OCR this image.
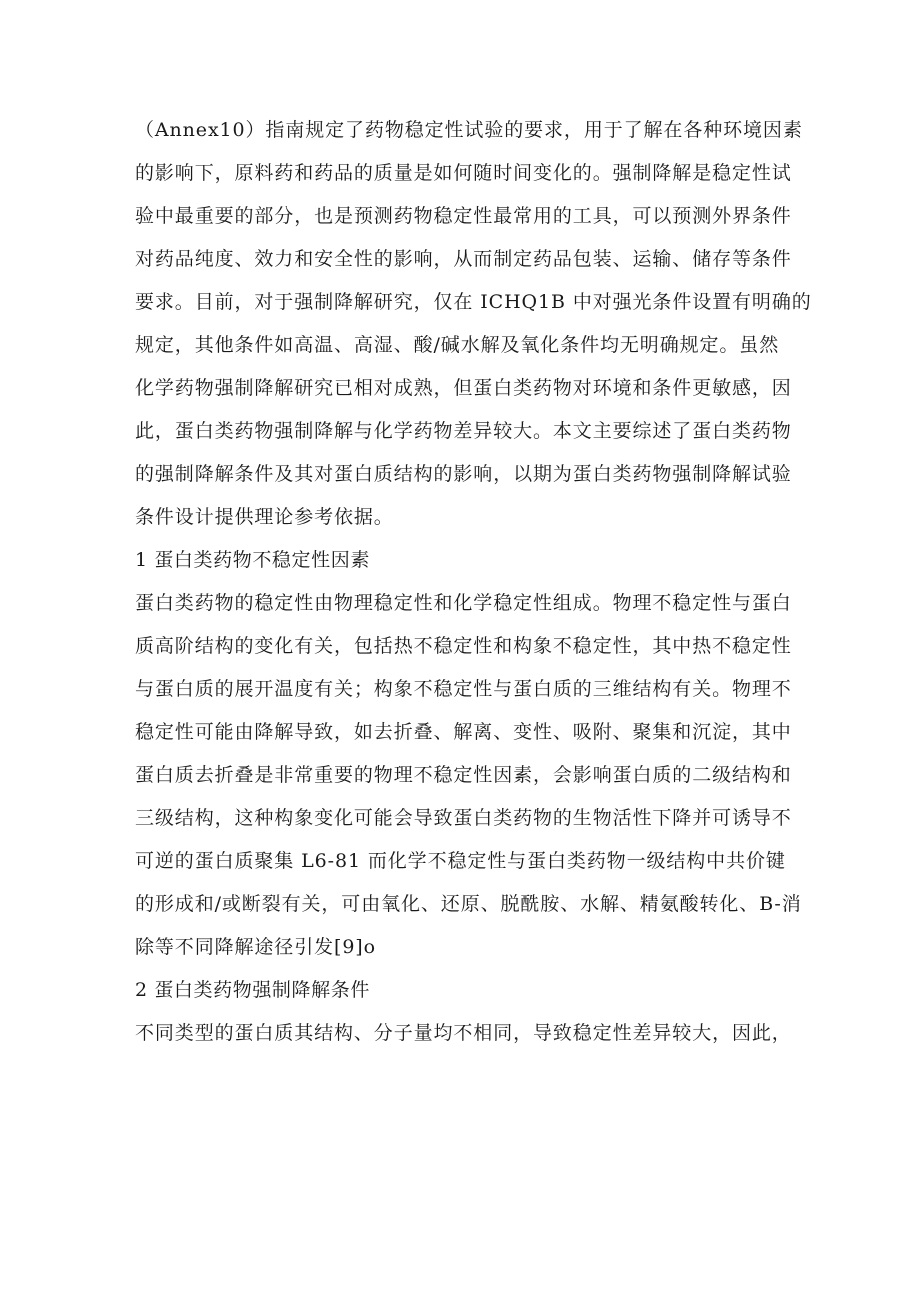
（Annex10）指南规定了药物稳定性试验的要求，用于了解在各种环境因素
的影响下，原料药和药品的质量是如何随时间变化的。强制降解是稳定性试
验中最重要的部分，也是预测药物稳定性最常用的工具，可以预测外界条件
对药品纯度、效力和安全性的影响，从而制定药品包装、运输、储存等条件
要求。目前，对于强制降解研究，仅在 ICHQ1B 中对强光条件设置有明确的
规定，其他条件如高温、高湿、酸/碱水解及氧化条件均无明确规定。虽然
化学药物强制降解研究已相对成熟，但蛋白类药物对环境和条件更敏感，因
此，蛋白类药物强制降解与化学药物差异较大。本文主要综述了蛋白类药物
的强制降解条件及其对蛋白质结构的影响，以期为蛋白类药物强制降解试验
条件设计提供理论参考依据。
1 蛋白类药物不稳定性因素
蛋白类药物的稳定性由物理稳定性和化学稳定性组成。物理不稳定性与蛋白
质高阶结构的变化有关，包括热不稳定性和构象不稳定性，其中热不稳定性
与蛋白质的展开温度有关；构象不稳定性与蛋白质的三维结构有关。物理不
稳定性可能由降解导致，如去折叠、解离、变性、吸附、聚集和沉淀，其中
蛋白质去折叠是非常重要的物理不稳定性因素，会影响蛋白质的二级结构和
三级结构，这种构象变化可能会导致蛋白类药物的生物活性下降并可诱导不
可逆的蛋白质聚集 L6-81 而化学不稳定性与蛋白类药物一级结构中共价键
的形成和/或断裂有关，可由氧化、还原、脱酰胺、水解、精氨酸转化、B-消
除等不同降解途径引发[9]o
2 蛋白类药物强制降解条件
不同类型的蛋白质其结构、分子量均不相同，导致稳定性差异较大，因此，
